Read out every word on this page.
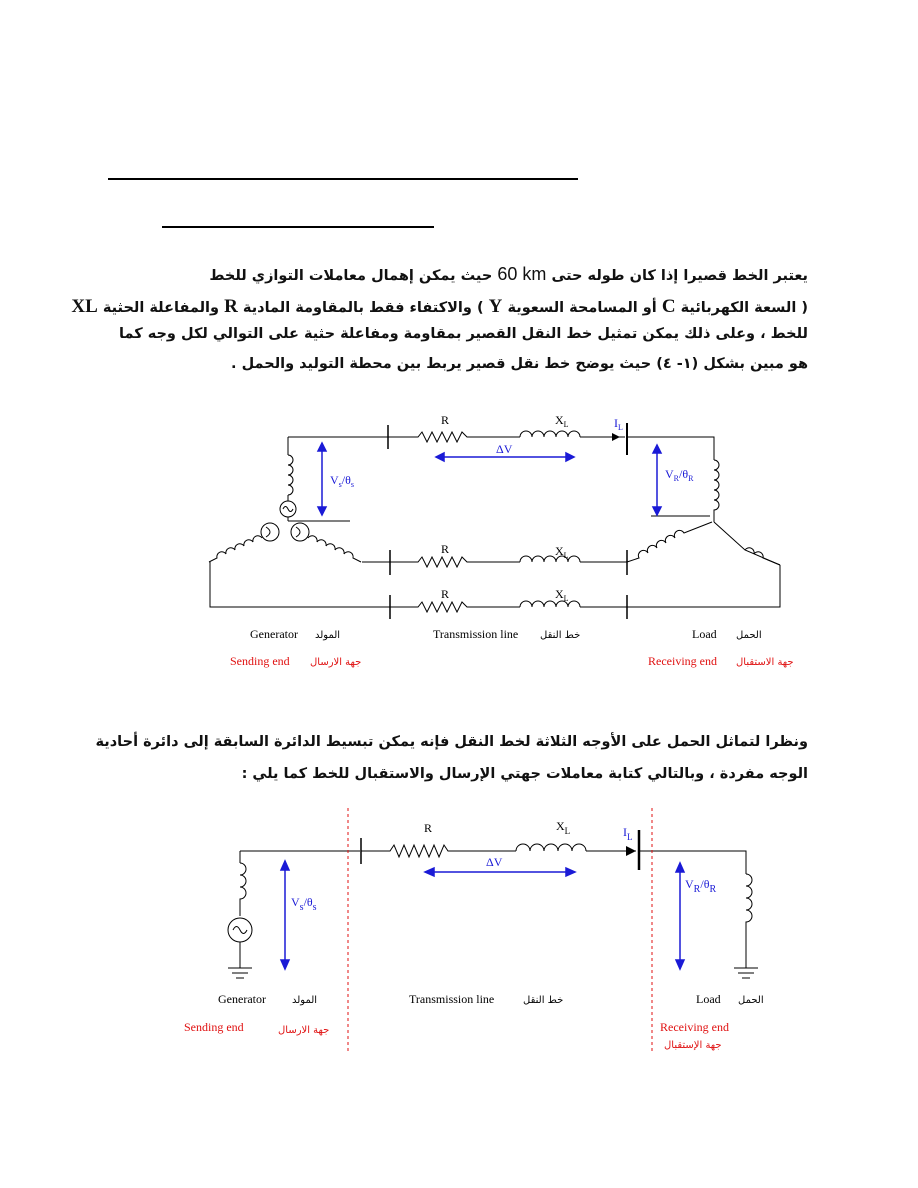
يعتبر الخط قصيرا إذا كان طوله حتى 60 km حيث يمكن إهمال معاملات التوازي للخط
( السعة الكهربائية C أو المسامحة السعوية Y ) والاكتفاء فقط بالمقاومة المادية R والمفاعلة الحثية XL
للخط ، وعلى ذلك يمكن تمثيل خط النقل القصير بمقاومة ومفاعلة حثية على التوالي لكل وجه كما
هو مبين بشكل (١- ٤) حيث يوضح خط نقل قصير يربط بين محطة التوليد والحمل .
R
R
R
$X_L$
$X_L$
$X_L$
$I_L$
ΔV
$V_s/\theta_s$
$V_R/\theta_R$
Generator المولد	Transmission line خط النقل	Load الحمل
Sending end جهة الارسال	Receiving end جهة الاستقبال
ونظرا لتماثل الحمل على الأوجه الثلاثة لخط النقل فإنه يمكن تبسيط الدائرة السابقة إلى دائرة أحادية
الوجه مفردة ، وبالتالي كتابة معاملات جهتي الإرسال والاستقبال للخط كما يلي :
R	$X_L$	$I_L$
ΔV
$V_s/\theta_s$
$V_R/\theta_R$
Generator	المولد	Transmission line	خط النقل	Load الحمل
Sending end	جهة الارسال	Receiving end
جهة الإستقبال
